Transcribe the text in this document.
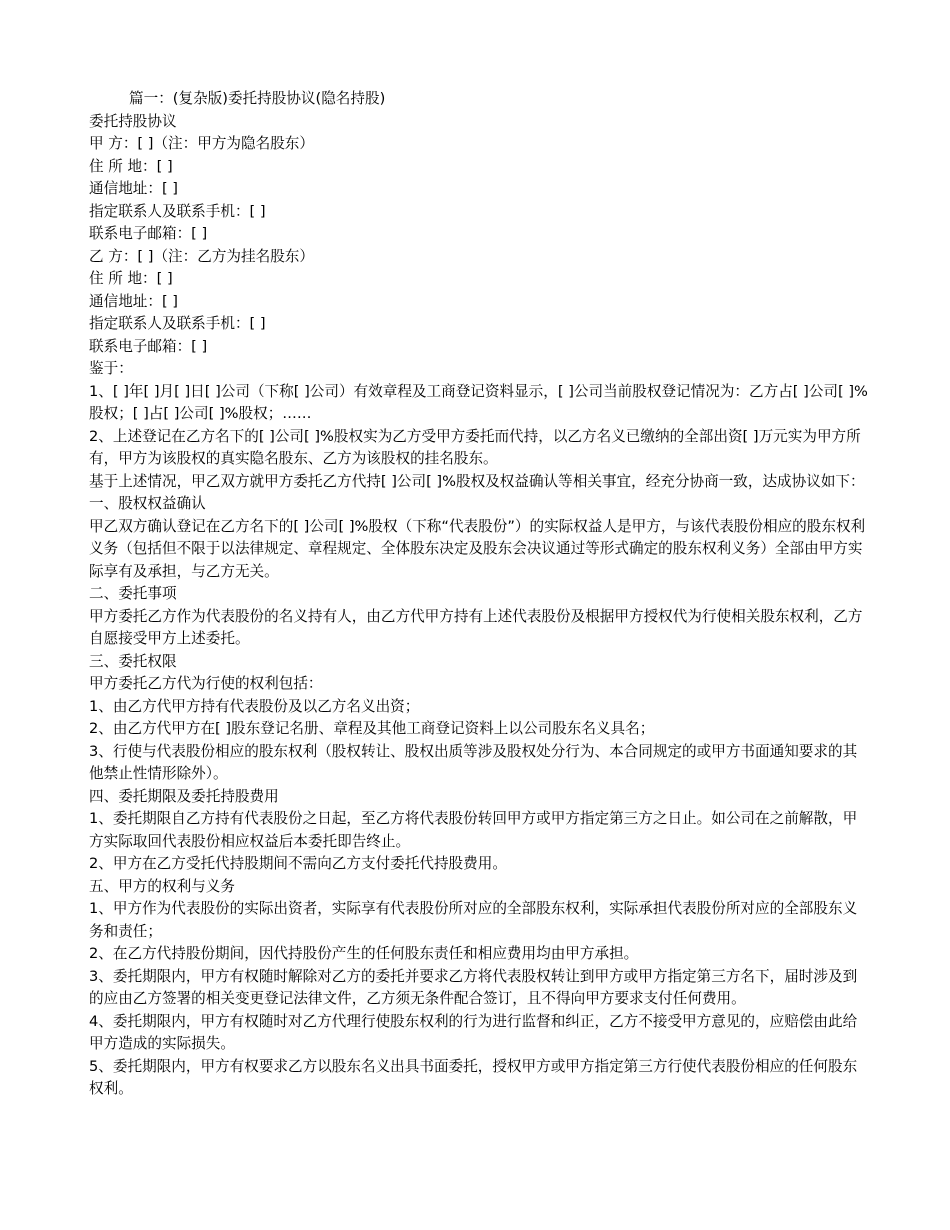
篇一：(复杂版)委托持股协议(隐名持股)

委托持股协议

甲 方：[ ]（注：甲方为隐名股东）

住 所 地：[ ]

通信地址：[ ]

指定联系人及联系手机：[ ]

联系电子邮箱：[ ]

乙 方：[ ]（注：乙方为挂名股东）

住 所 地：[ ]

通信地址：[ ]

指定联系人及联系手机：[ ]

联系电子邮箱：[ ]

鉴于：

1、[ ]年[ ]月[ ]日[ ]公司（下称[ ]公司）有效章程及工商登记资料显示，[ ]公司当前股权登记情况为：乙方占[ ]公司[ ]%股权；[ ]占[ ]公司[ ]%股权；……

2、上述登记在乙方名下的[ ]公司[ ]%股权实为乙方受甲方委托而代持，以乙方名义已缴纳的全部出资[ ]万元实为甲方所有，甲方为该股权的真实隐名股东、乙方为该股权的挂名股东。

基于上述情况，甲乙双方就甲方委托乙方代持[ ]公司[ ]%股权及权益确认等相关事宜，经充分协商一致，达成协议如下：

一、股权权益确认

甲乙双方确认登记在乙方名下的[ ]公司[ ]%股权（下称“代表股份”）的实际权益人是甲方，与该代表股份相应的股东权利义务（包括但不限于以法律规定、章程规定、全体股东决定及股东会决议通过等形式确定的股东权利义务）全部由甲方实际享有及承担，与乙方无关。

二、委托事项

甲方委托乙方作为代表股份的名义持有人，由乙方代甲方持有上述代表股份及根据甲方授权代为行使相关股东权利，乙方自愿接受甲方上述委托。

三、委托权限

甲方委托乙方代为行使的权利包括：

1、由乙方代甲方持有代表股份及以乙方名义出资；

2、由乙方代甲方在[ ]股东登记名册、章程及其他工商登记资料上以公司股东名义具名；

3、行使与代表股份相应的股东权利（股权转让、股权出质等涉及股权处分行为、本合同规定的或甲方书面通知要求的其他禁止性情形除外）。

四、委托期限及委托持股费用

1、委托期限自乙方持有代表股份之日起，至乙方将代表股份转回甲方或甲方指定第三方之日止。如公司在之前解散，甲方实际取回代表股份相应权益后本委托即告终止。

2、甲方在乙方受托代持股期间不需向乙方支付委托代持股费用。

五、甲方的权利与义务

1、甲方作为代表股份的实际出资者，实际享有代表股份所对应的全部股东权利，实际承担代表股份所对应的全部股东义务和责任；

2、在乙方代持股份期间，因代持股份产生的任何股东责任和相应费用均由甲方承担。

3、委托期限内，甲方有权随时解除对乙方的委托并要求乙方将代表股权转让到甲方或甲方指定第三方名下，届时涉及到的应由乙方签署的相关变更登记法律文件，乙方须无条件配合签订，且不得向甲方要求支付任何费用。

4、委托期限内，甲方有权随时对乙方代理行使股东权利的行为进行监督和纠正，乙方不接受甲方意见的，应赔偿由此给甲方造成的实际损失。

5、委托期限内，甲方有权要求乙方以股东名义出具书面委托，授权甲方或甲方指定第三方行使代表股份相应的任何股东权利。
